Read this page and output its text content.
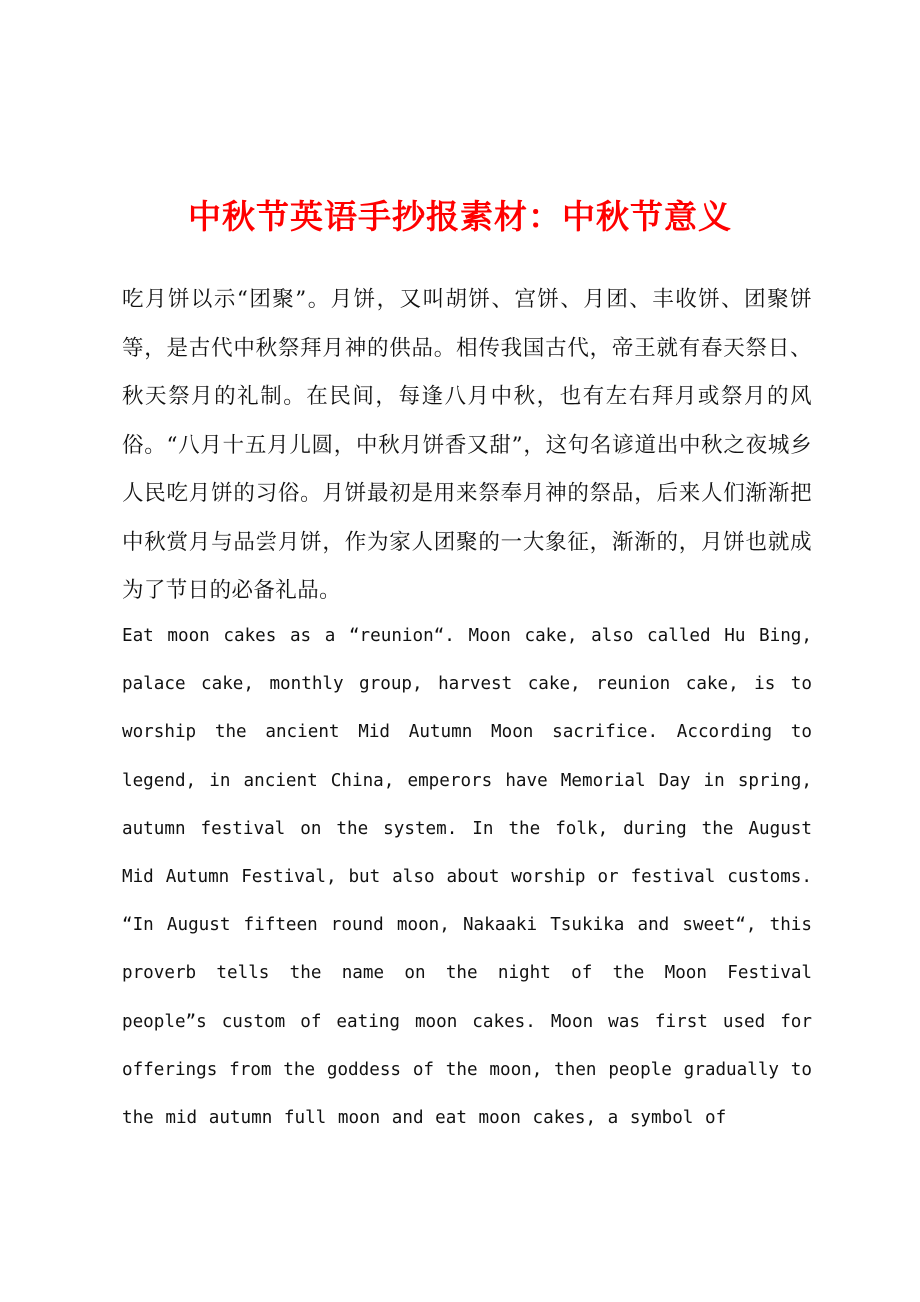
中秋节英语手抄报素材：中秋节意义

吃月饼以示“团聚”。月饼，又叫胡饼、宫饼、月团、丰收饼、团聚饼等，是古代中秋祭拜月神的供品。相传我国古代，帝王就有春天祭日、秋天祭月的礼制。在民间，每逢八月中秋，也有左右拜月或祭月的风俗。“八月十五月儿圆，中秋月饼香又甜”，这句名谚道出中秋之夜城乡人民吃月饼的习俗。月饼最初是用来祭奉月神的祭品，后来人们渐渐把中秋赏月与品尝月饼，作为家人团聚的一大象征，渐渐的，月饼也就成为了节日的必备礼品。

Eat moon cakes as a “reunion“. Moon cake, also called Hu Bing, palace cake, monthly group, harvest cake, reunion cake, is to worship the ancient Mid Autumn Moon sacrifice. According to legend, in ancient China, emperors have Memorial Day in spring, autumn festival on the system. In the folk, during the August Mid Autumn Festival, but also about worship or festival customs. “In August fifteen round moon, Nakaaki Tsukika and sweet“, this proverb tells the name on the night of the Moon Festival people”s custom of eating moon cakes. Moon was first used for offerings from the goddess of the moon, then people gradually to the mid autumn full moon and eat moon cakes, a symbol of
